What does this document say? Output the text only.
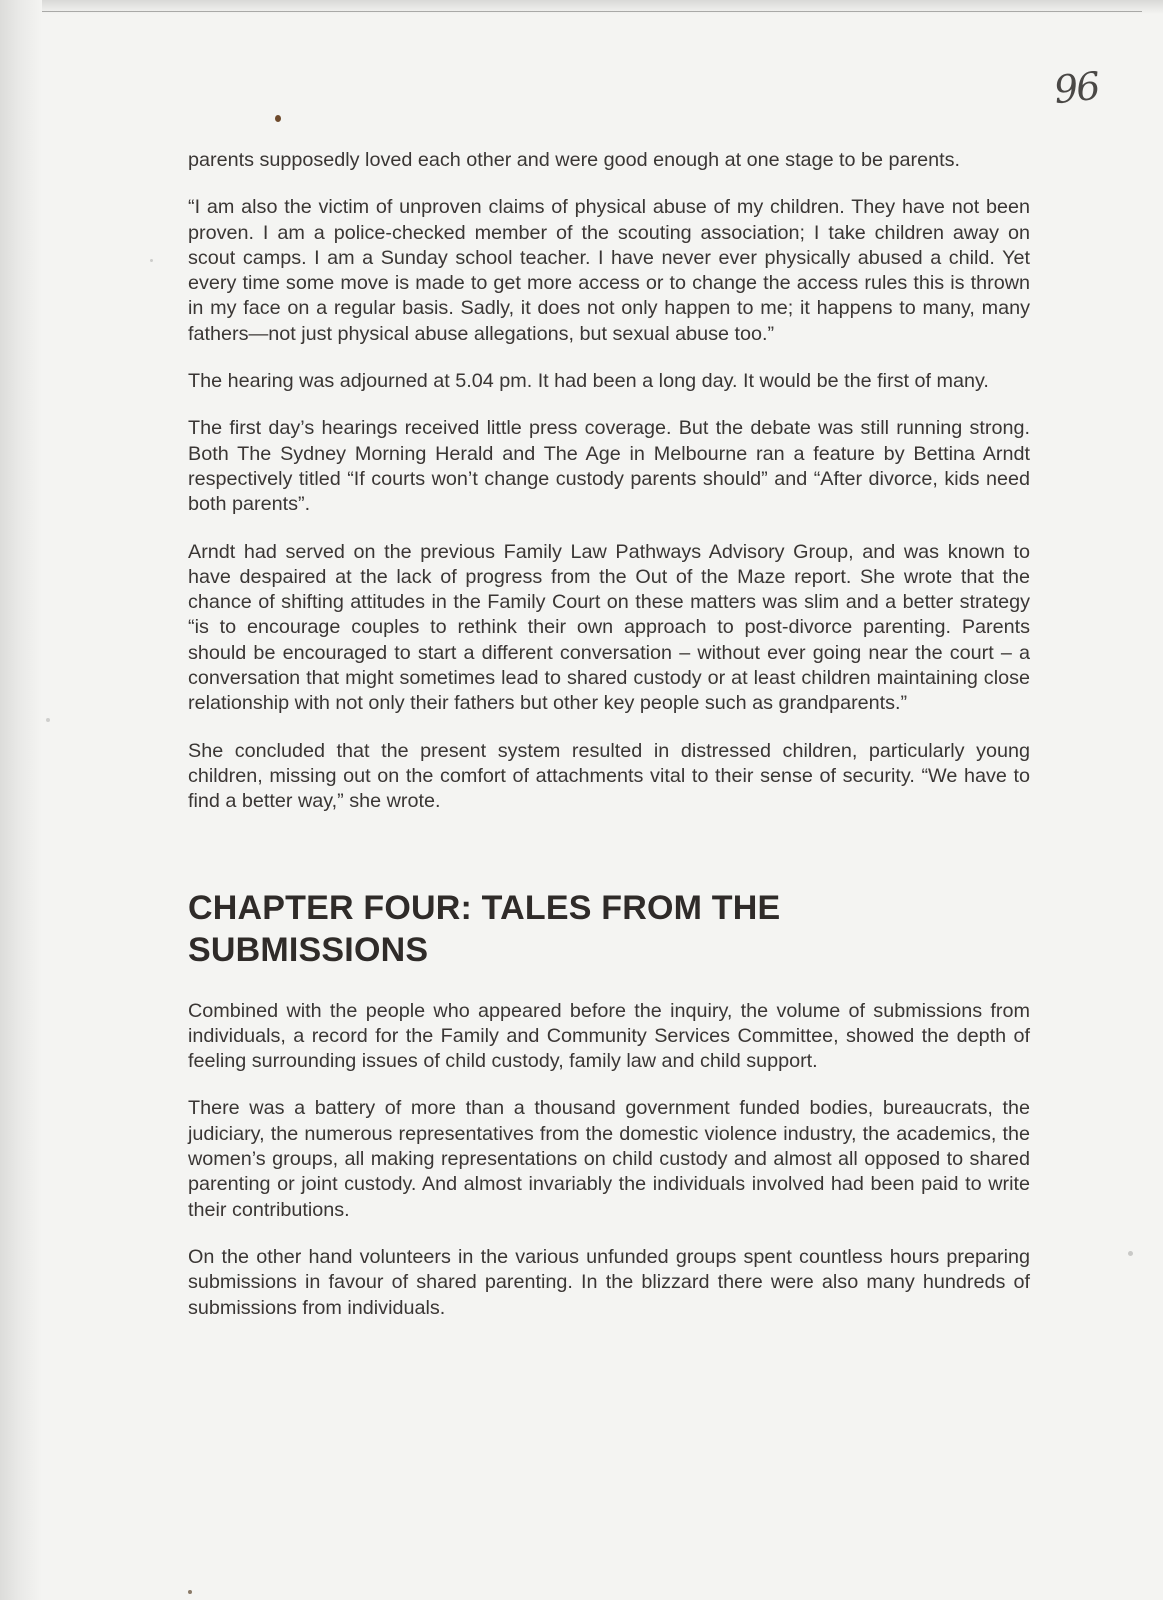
96

parents supposedly loved each other and were good enough at one stage to be parents.

“I am also the victim of unproven claims of physical abuse of my children. They have not been proven. I am a police-checked member of the scouting association; I take children away on scout camps. I am a Sunday school teacher. I have never ever physically abused a child. Yet every time some move is made to get more access or to change the access rules this is thrown in my face on a regular basis. Sadly, it does not only happen to me; it happens to many, many fathers—not just physical abuse allegations, but sexual abuse too.”

The hearing was adjourned at 5.04 pm. It had been a long day. It would be the first of many.

The first day’s hearings received little press coverage. But the debate was still running strong. Both The Sydney Morning Herald and The Age in Melbourne ran a feature by Bettina Arndt respectively titled “If courts won’t change custody parents should” and “After divorce, kids need both parents”.

Arndt had served on the previous Family Law Pathways Advisory Group, and was known to have despaired at the lack of progress from the Out of the Maze report. She wrote that the chance of shifting attitudes in the Family Court on these matters was slim and a better strategy “is to encourage couples to rethink their own approach to post-divorce parenting. Parents should be encouraged to start a different conversation – without ever going near the court – a conversation that might sometimes lead to shared custody or at least children maintaining close relationship with not only their fathers but other key people such as grandparents.”

She concluded that the present system resulted in distressed children, particularly young children, missing out on the comfort of attachments vital to their sense of security. “We have to find a better way,” she wrote.

CHAPTER FOUR: TALES FROM THE SUBMISSIONS

Combined with the people who appeared before the inquiry, the volume of submissions from individuals, a record for the Family and Community Services Committee, showed the depth of feeling surrounding issues of child custody, family law and child support.

There was a battery of more than a thousand government funded bodies, bureaucrats, the judiciary, the numerous representatives from the domestic violence industry, the academics, the women’s groups, all making representations on child custody and almost all opposed to shared parenting or joint custody. And almost invariably the individuals involved had been paid to write their contributions.

On the other hand volunteers in the various unfunded groups spent countless hours preparing submissions in favour of shared parenting. In the blizzard there were also many hundreds of submissions from individuals.
